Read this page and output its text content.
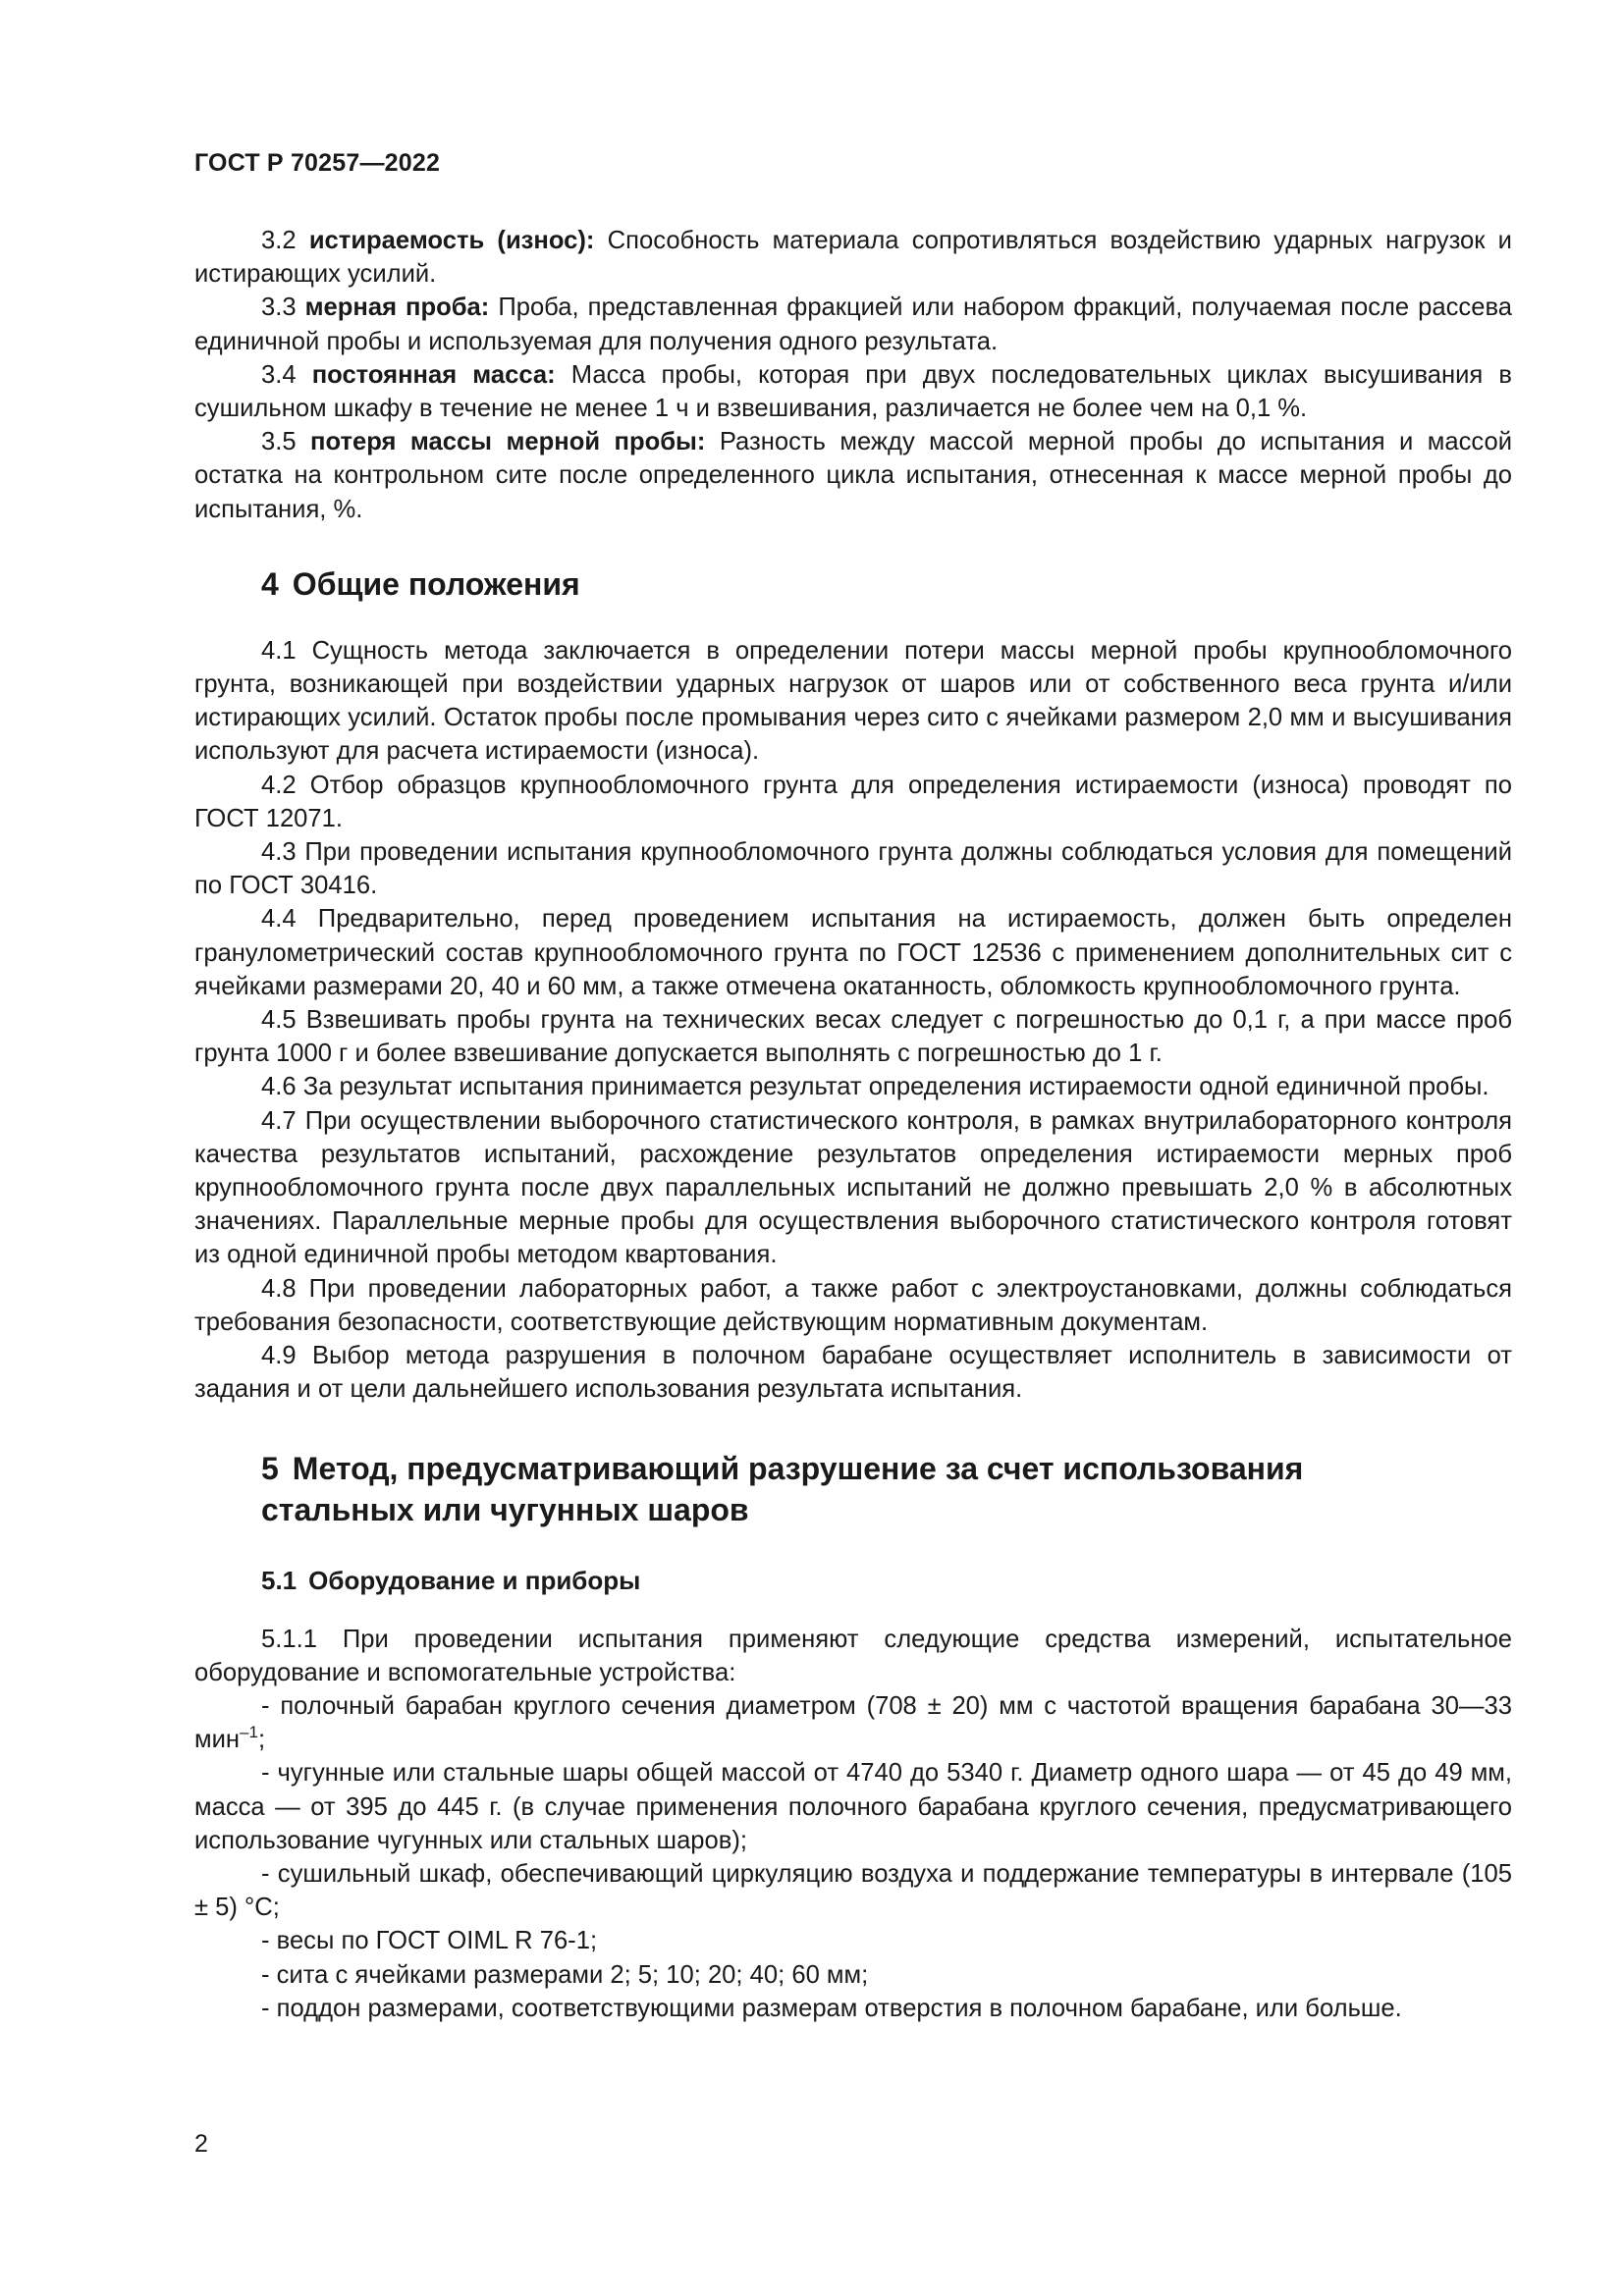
ГОСТ Р 70257—2022

3.2 истираемость (износ): Способность материала сопротивляться воздействию ударных нагрузок и истирающих усилий.

3.3 мерная проба: Проба, представленная фракцией или набором фракций, получаемая после рассева единичной пробы и используемая для получения одного результата.

3.4 постоянная масса: Масса пробы, которая при двух последовательных циклах высушивания в сушильном шкафу в течение не менее 1 ч и взвешивания, различается не более чем на 0,1 %.

3.5 потеря массы мерной пробы: Разность между массой мерной пробы до испытания и массой остатка на контрольном сите после определенного цикла испытания, отнесенная к массе мерной пробы до испытания, %.

4 Общие положения

4.1 Сущность метода заключается в определении потери массы мерной пробы крупнообломочного грунта, возникающей при воздействии ударных нагрузок от шаров или от собственного веса грунта и/или истирающих усилий. Остаток пробы после промывания через сито с ячейками размером 2,0 мм и высушивания используют для расчета истираемости (износа).

4.2 Отбор образцов крупнообломочного грунта для определения истираемости (износа) проводят по ГОСТ 12071.

4.3 При проведении испытания крупнообломочного грунта должны соблюдаться условия для помещений по ГОСТ 30416.

4.4 Предварительно, перед проведением испытания на истираемость, должен быть определен гранулометрический состав крупнообломочного грунта по ГОСТ 12536 с применением дополнительных сит с ячейками размерами 20, 40 и 60 мм, а также отмечена окатанность, обломкость крупнообломочного грунта.

4.5 Взвешивать пробы грунта на технических весах следует с погрешностью до 0,1 г, а при массе проб грунта 1000 г и более взвешивание допускается выполнять с погрешностью до 1 г.

4.6 За результат испытания принимается результат определения истираемости одной единичной пробы.

4.7 При осуществлении выборочного статистического контроля, в рамках внутрилабораторного контроля качества результатов испытаний, расхождение результатов определения истираемости мерных проб крупнообломочного грунта после двух параллельных испытаний не должно превышать 2,0 % в абсолютных значениях. Параллельные мерные пробы для осуществления выборочного статистического контроля готовят из одной единичной пробы методом квартования.

4.8 При проведении лабораторных работ, а также работ с электроустановками, должны соблюдаться требования безопасности, соответствующие действующим нормативным документам.

4.9 Выбор метода разрушения в полочном барабане осуществляет исполнитель в зависимости от задания и от цели дальнейшего использования результата испытания.

5 Метод, предусматривающий разрушение за счет использования
стальных или чугунных шаров
5.1 Оборудование и приборы

5.1.1 При проведении испытания применяют следующие средства измерений, испытательное оборудование и вспомогательные устройства:

- полочный барабан круглого сечения диаметром (708 ± 20) мм с частотой вращения барабана 30—33 мин$^{-1}$;

- чугунные или стальные шары общей массой от 4740 до 5340 г. Диаметр одного шара — от 45 до 49 мм, масса — от 395 до 445 г. (в случае применения полочного барабана круглого сечения, предусматривающего использование чугунных или стальных шаров);

- сушильный шкаф, обеспечивающий циркуляцию воздуха и поддержание температуры в интервале (105 ± 5) °С;

- весы по ГОСТ OIML R 76-1;

- сита с ячейками размерами 2; 5; 10; 20; 40; 60 мм;

- поддон размерами, соответствующими размерам отверстия в полочном барабане, или больше.

2
